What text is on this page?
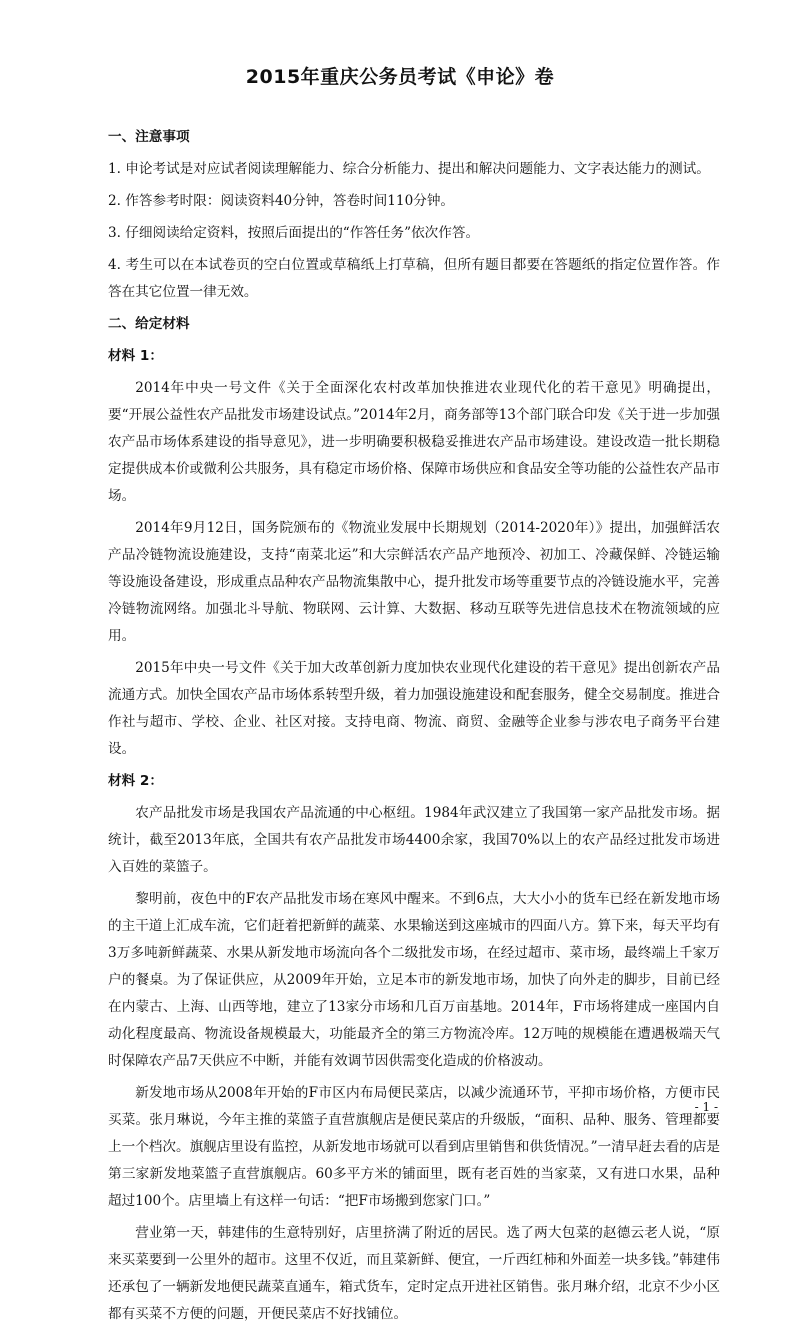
2015年重庆公务员考试《申论》卷

一、注意事项

1. 申论考试是对应试者阅读理解能力、综合分析能力、提出和解决问题能力、文字表达能力的测试。

2. 作答参考时限：阅读资料40分钟，答卷时间110分钟。

3. 仔细阅读给定资料，按照后面提出的“作答任务”依次作答。

4. 考生可以在本试卷页的空白位置或草稿纸上打草稿，但所有题目都要在答题纸的指定位置作答。作答在其它位置一律无效。

二、给定材料

材料 1：

2014年中央一号文件《关于全面深化农村改革加快推进农业现代化的若干意见》明确提出，要“开展公益性农产品批发市场建设试点。”2014年2月，商务部等13个部门联合印发《关于进一步加强农产品市场体系建设的指导意见》，进一步明确要积极稳妥推进农产品市场建设。建设改造一批长期稳定提供成本价或微利公共服务，具有稳定市场价格、保障市场供应和食品安全等功能的公益性农产品市场。

2014年9月12日，国务院颁布的《物流业发展中长期规划（2014-2020年）》提出，加强鲜活农产品冷链物流设施建设，支持“南菜北运”和大宗鲜活农产品产地预冷、初加工、冷藏保鲜、冷链运输等设施设备建设，形成重点品种农产品物流集散中心，提升批发市场等重要节点的冷链设施水平，完善冷链物流网络。加强北斗导航、物联网、云计算、大数据、移动互联等先进信息技术在物流领域的应用。

2015年中央一号文件《关于加大改革创新力度加快农业现代化建设的若干意见》提出创新农产品流通方式。加快全国农产品市场体系转型升级，着力加强设施建设和配套服务，健全交易制度。推进合作社与超市、学校、企业、社区对接。支持电商、物流、商贸、金融等企业参与涉农电子商务平台建设。

材料 2：

农产品批发市场是我国农产品流通的中心枢纽。1984年武汉建立了我国第一家产品批发市场。据统计，截至2013年底，全国共有农产品批发市场4400余家，我国70%以上的农产品经过批发市场进入百姓的菜篮子。

黎明前，夜色中的F农产品批发市场在寒风中醒来。不到6点，大大小小的货车已经在新发地市场的主干道上汇成车流，它们赶着把新鲜的蔬菜、水果输送到这座城市的四面八方。算下来，每天平均有3万多吨新鲜蔬菜、水果从新发地市场流向各个二级批发市场，在经过超市、菜市场，最终端上千家万户的餐桌。为了保证供应，从2009年开始，立足本市的新发地市场，加快了向外走的脚步，目前已经在内蒙古、上海、山西等地，建立了13家分市场和几百万亩基地。2014年，F市场将建成一座国内自动化程度最高、物流设备规模最大，功能最齐全的第三方物流冷库。12万吨的规模能在遭遇极端天气时保障农产品7天供应不中断，并能有效调节因供需变化造成的价格波动。

新发地市场从2008年开始的F市区内布局便民菜店，以减少流通环节，平抑市场价格，方便市民买菜。张月琳说，今年主推的菜篮子直营旗舰店是便民菜店的升级版，“面积、品种、服务、管理都要上一个档次。旗舰店里设有监控，从新发地市场就可以看到店里销售和供货情况。”一清早赶去看的店是第三家新发地菜篮子直营旗舰店。60多平方米的铺面里，既有老百姓的当家菜，又有进口水果，品种超过100个。店里墙上有这样一句话：“把F市场搬到您家门口。”

营业第一天，韩建伟的生意特别好，店里挤满了附近的居民。选了两大包菜的赵德云老人说，“原来买菜要到一公里外的超市。这里不仅近，而且菜新鲜、便宜，一斤西红柿和外面差一块多钱。”韩建伟还承包了一辆新发地便民蔬菜直通车，箱式货车，定时定点开进社区销售。张月琳介绍，北京不少小区都有买菜不方便的问题，开便民菜店不好找铺位。

- 1 -
